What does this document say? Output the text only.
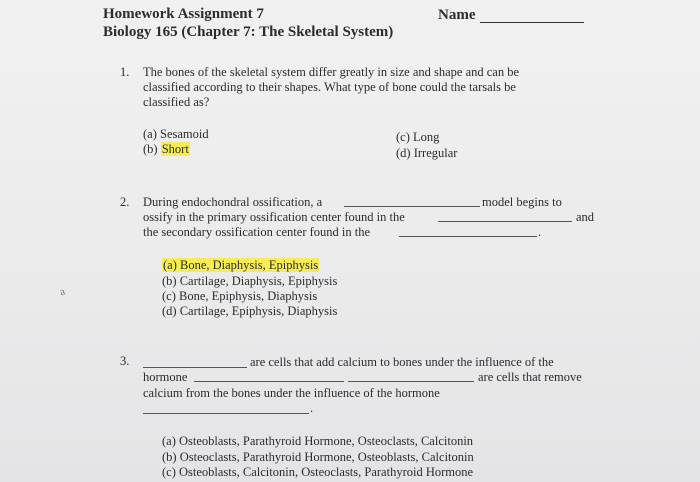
Homework Assignment 7
Biology 165 (Chapter 7: The Skeletal System)
Name
1. The bones of the skeletal system differ greatly in size and shape and can be
classified according to their shapes. What type of bone could the tarsals be
classified as?
(a) Sesamoid
(b) Short
(c) Long
(d) Irregular
2. During endochondral ossification, a	model begins to
ossify in the primary ossification center found in the	and
the secondary ossification center found in the	.
(a) Bone, Diaphysis, Epiphysis
(b) Cartilage, Diaphysis, Epiphysis
(c) Bone, Epiphysis, Diaphysis
(d) Cartilage, Epiphysis, Diaphysis
a
3.	are cells that add calcium to bones under the influence of the
hormone	are cells that remove
calcium from the bones under the influence of the hormone
.
(a) Osteoblasts, Parathyroid Hormone, Osteoclasts, Calcitonin
(b) Osteoclasts, Parathyroid Hormone, Osteoblasts, Calcitonin
(c) Osteoblasts, Calcitonin, Osteoclasts, Parathyroid Hormone
